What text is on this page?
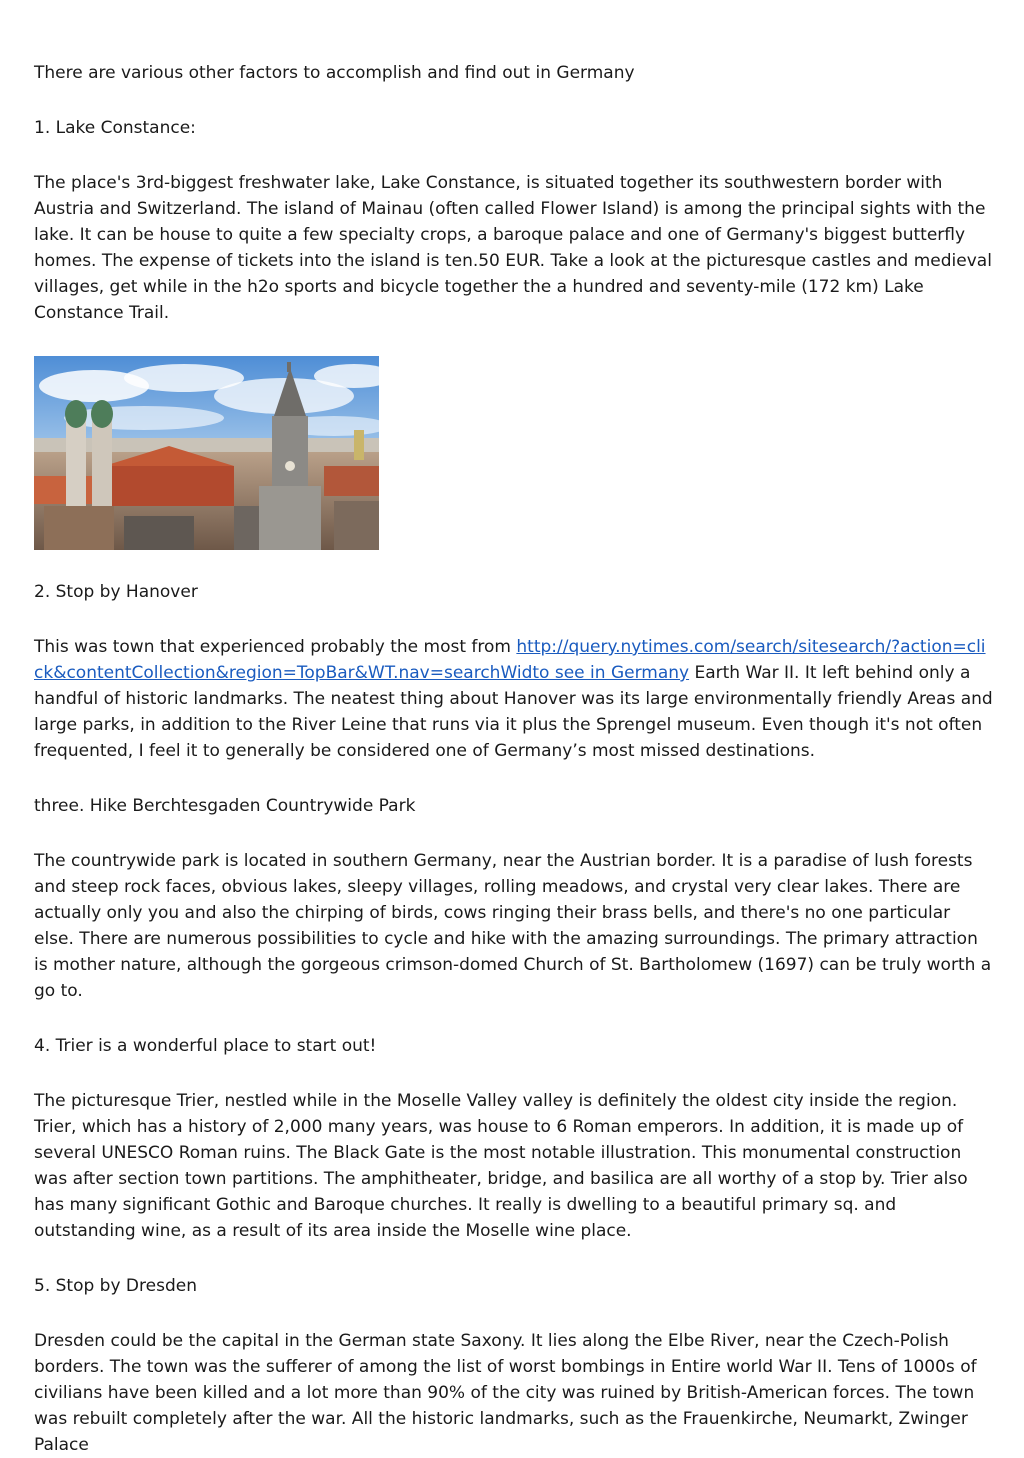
There are various other factors to accomplish and find out in Germany

1. Lake Constance:

The place's 3rd-biggest freshwater lake, Lake Constance, is situated together its southwestern border with Austria and Switzerland. The island of Mainau (often called Flower Island) is among the principal sights with the lake. It can be house to quite a few specialty crops, a baroque palace and one of Germany's biggest butterfly homes. The expense of tickets into the island is ten.50 EUR. Take a look at the picturesque castles and medieval villages, get while in the h2o sports and bicycle together the a hundred and seventy-mile (172 km) Lake Constance Trail.

2. Stop by Hanover

This was town that experienced probably the most from http://query.nytimes.com/search/sitesearch/?action=click&contentCollection&region=TopBar&WT.nav=searchWidto see in Germany Earth War II. It left behind only a handful of historic landmarks. The neatest thing about Hanover was its large environmentally friendly Areas and large parks, in addition to the River Leine that runs via it plus the Sprengel museum. Even though it's not often frequented, I feel it to generally be considered one of Germany’s most missed destinations.

three. Hike Berchtesgaden Countrywide Park

The countrywide park is located in southern Germany, near the Austrian border. It is a paradise of lush forests and steep rock faces, obvious lakes, sleepy villages, rolling meadows, and crystal very clear lakes. There are actually only you and also the chirping of birds, cows ringing their brass bells, and there's no one particular else. There are numerous possibilities to cycle and hike with the amazing surroundings. The primary attraction is mother nature, although the gorgeous crimson-domed Church of St. Bartholomew (1697) can be truly worth a go to.

4. Trier is a wonderful place to start out!

The picturesque Trier, nestled while in the Moselle Valley valley is definitely the oldest city inside the region. Trier, which has a history of 2,000 many years, was house to 6 Roman emperors. In addition, it is made up of several UNESCO Roman ruins. The Black Gate is the most notable illustration. This monumental construction was after section town partitions. The amphitheater, bridge, and basilica are all worthy of a stop by. Trier also has many significant Gothic and Baroque churches. It really is dwelling to a beautiful primary sq. and outstanding wine, as a result of its area inside the Moselle wine place.

5. Stop by Dresden

Dresden could be the capital in the German state Saxony. It lies along the Elbe River, near the Czech-Polish borders. The town was the sufferer of among the list of worst bombings in Entire world War II. Tens of 1000s of civilians have been killed and a lot more than 90% of the city was ruined by British-American forces. The town was rebuilt completely after the war. All the historic landmarks, such as the Frauenkirche, Neumarkt, Zwinger Palace
